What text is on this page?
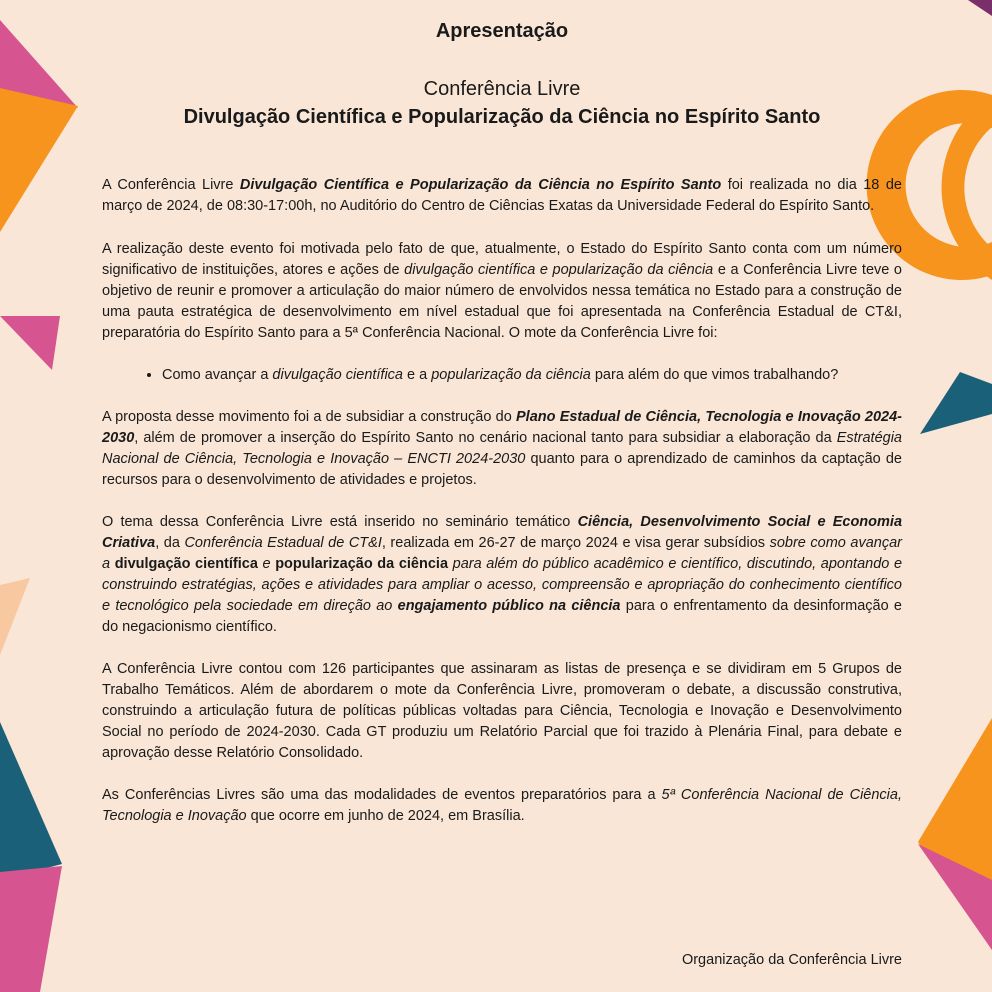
Apresentação
Conferência Livre
Divulgação Científica e Popularização da Ciência no Espírito Santo

A Conferência Livre Divulgação Científica e Popularização da Ciência no Espírito Santo foi realizada no dia 18 de março de 2024, de 08:30-17:00h, no Auditório do Centro de Ciências Exatas da Universidade Federal do Espírito Santo.

A realização deste evento foi motivada pelo fato de que, atualmente, o Estado do Espírito Santo conta com um número significativo de instituições, atores e ações de divulgação científica e popularização da ciência e a Conferência Livre teve o objetivo de reunir e promover a articulação do maior número de envolvidos nessa temática no Estado para a construção de uma pauta estratégica de desenvolvimento em nível estadual que foi apresentada na Conferência Estadual de CT&I, preparatória do Espírito Santo para a 5ª Conferência Nacional. O mote da Conferência Livre foi:

• Como avançar a divulgação científica e a popularização da ciência para além do que vimos trabalhando?

A proposta desse movimento foi a de subsidiar a construção do Plano Estadual de Ciência, Tecnologia e Inovação 2024-2030, além de promover a inserção do Espírito Santo no cenário nacional tanto para subsidiar a elaboração da Estratégia Nacional de Ciência, Tecnologia e Inovação – ENCTI 2024-2030 quanto para o aprendizado de caminhos da captação de recursos para o desenvolvimento de atividades e projetos.

O tema dessa Conferência Livre está inserido no seminário temático Ciência, Desenvolvimento Social e Economia Criativa, da Conferência Estadual de CT&I, realizada em 26-27 de março 2024 e visa gerar subsídios sobre como avançar a divulgação científica e popularização da ciência para além do público acadêmico e científico, discutindo, apontando e construindo estratégias, ações e atividades para ampliar o acesso, compreensão e apropriação do conhecimento científico e tecnológico pela sociedade em direção ao engajamento público na ciência para o enfrentamento da desinformação e do negacionismo científico.

A Conferência Livre contou com 126 participantes que assinaram as listas de presença e se dividiram em 5 Grupos de Trabalho Temáticos. Além de abordarem o mote da Conferência Livre, promoveram o debate, a discussão construtiva, construindo a articulação futura de políticas públicas voltadas para Ciência, Tecnologia e Inovação e Desenvolvimento Social no período de 2024-2030. Cada GT produziu um Relatório Parcial que foi trazido à Plenária Final, para debate e aprovação desse Relatório Consolidado.

As Conferências Livres são uma das modalidades de eventos preparatórios para a 5ª Conferência Nacional de Ciência, Tecnologia e Inovação que ocorre em junho de 2024, em Brasília.

Organização da Conferência Livre
